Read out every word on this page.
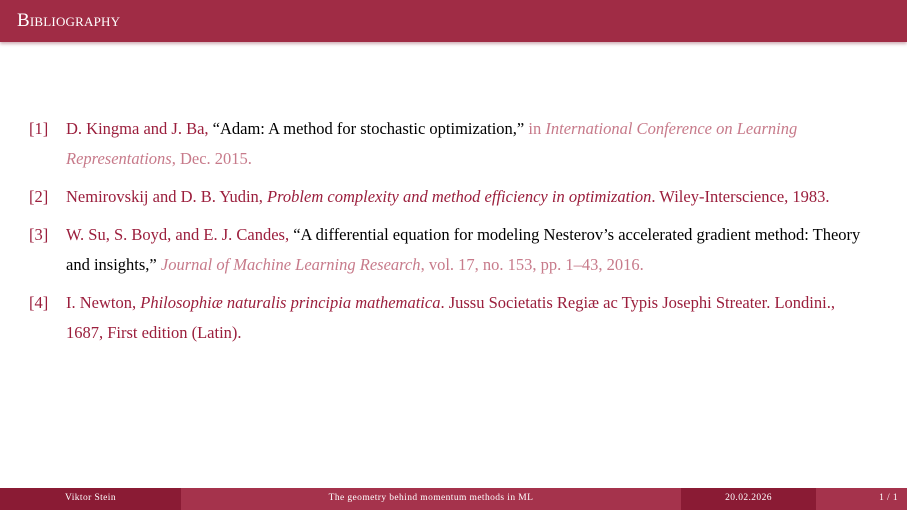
Bibliography
[1] D. Kingma and J. Ba, “Adam: A method for stochastic optimization,” in International Conference on Learning Representations, Dec. 2015.
[2] Nemirovskij and D. B. Yudin, Problem complexity and method efficiency in optimization. Wiley-Interscience, 1983.
[3] W. Su, S. Boyd, and E. J. Candes, “A differential equation for modeling Nesterov’s accelerated gradient method: Theory and insights,” Journal of Machine Learning Research, vol. 17, no. 153, pp. 1–43, 2016.
[4] I. Newton, Philosophiæ naturalis principia mathematica. Jussu Societatis Regiæ ac Typis Josephi Streater. Londini., 1687, First edition (Latin).
Viktor Stein	The geometry behind momentum methods in ML	20.02.2026	1 / 1
